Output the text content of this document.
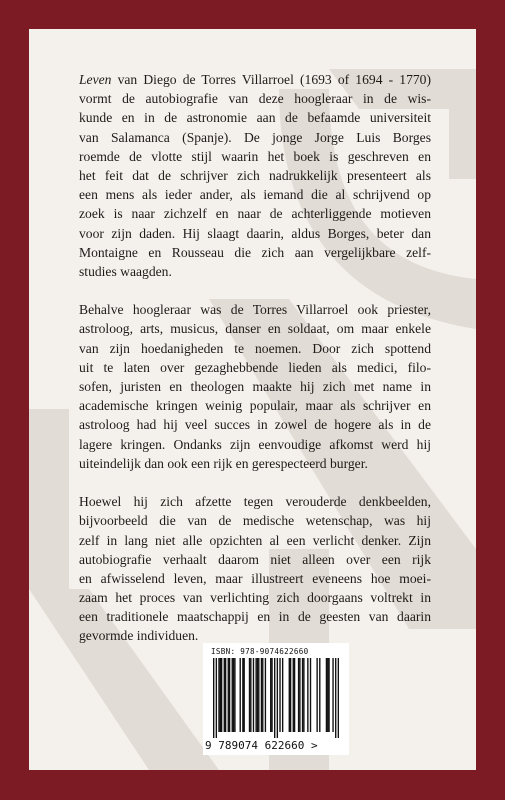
Leven van Diego de Torres Villarroel (1693 of 1694 - 1770)
vormt de autobiografie van deze hoogleraar in de wis-
kunde en in de astronomie aan de befaamde universiteit
van Salamanca (Spanje). De jonge Jorge Luis Borges
roemde de vlotte stijl waarin het boek is geschreven en
het feit dat de schrijver zich nadrukkelijk presenteert als
een mens als ieder ander, als iemand die al schrijvend op
zoek is naar zichzelf en naar de achterliggende motieven
voor zijn daden. Hij slaagt daarin, aldus Borges, beter dan
Montaigne en Rousseau die zich aan vergelijkbare zelf-
studies waagden.
Behalve hoogleraar was de Torres Villarroel ook priester,
astroloog, arts, musicus, danser en soldaat, om maar enkele
van zijn hoedanigheden te noemen. Door zich spottend
uit te laten over gezaghebbende lieden als medici, filo-
sofen, juristen en theologen maakte hij zich met name in
academische kringen weinig populair, maar als schrijver en
astroloog had hij veel succes in zowel de hogere als in de
lagere kringen. Ondanks zijn eenvoudige afkomst werd hij
uiteindelijk dan ook een rijk en gerespecteerd burger.
Hoewel hij zich afzette tegen verouderde denkbeelden,
bijvoorbeeld die van de medische wetenschap, was hij
zelf in lang niet alle opzichten al een verlicht denker. Zijn
autobiografie verhaalt daarom niet alleen over een rijk
en afwisselend leven, maar illustreert eveneens hoe moei-
zaam het proces van verlichting zich doorgaans voltrekt in
een traditionele maatschappij en in de geesten van daarin
gevormde individuen.
ISBN: 978-9074622660
9 789074 622660 >
